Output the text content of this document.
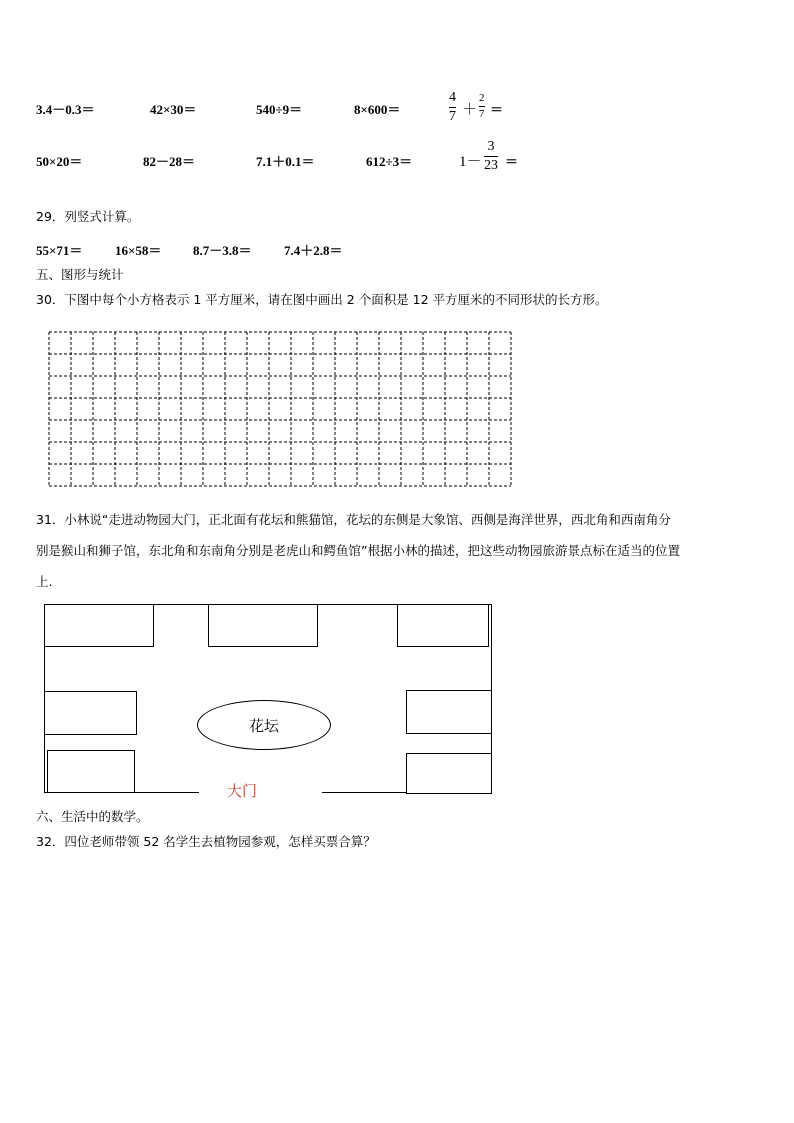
3.4－0.3＝	42×30＝	540÷9＝	8×600＝
4
7 ＋
2
7 ＝
50×20＝	82－28＝	7.1＋0.1＝	612÷3＝	1－
3
23 ＝
29．列竖式计算。
55×71＝	16×58＝ 8.7－3.8＝ 7.4＋2.8＝
五、图形与统计
30．下图中每个小方格表示 1 平方厘米，请在图中画出 2 个面积是 12 平方厘米的不同形状的长方形。
31．小林说“走进动物园大门，正北面有花坛和熊猫馆，花坛的东侧是大象馆、西侧是海洋世界，西北角和西南角分
别是猴山和狮子馆，东北角和东南角分别是老虎山和鳄鱼馆”根据小林的描述，把这些动物园旅游景点标在适当的位置
上.
花坛
大门
六、生活中的数学。
32．四位老师带领 52 名学生去植物园参观，怎样买票合算？
